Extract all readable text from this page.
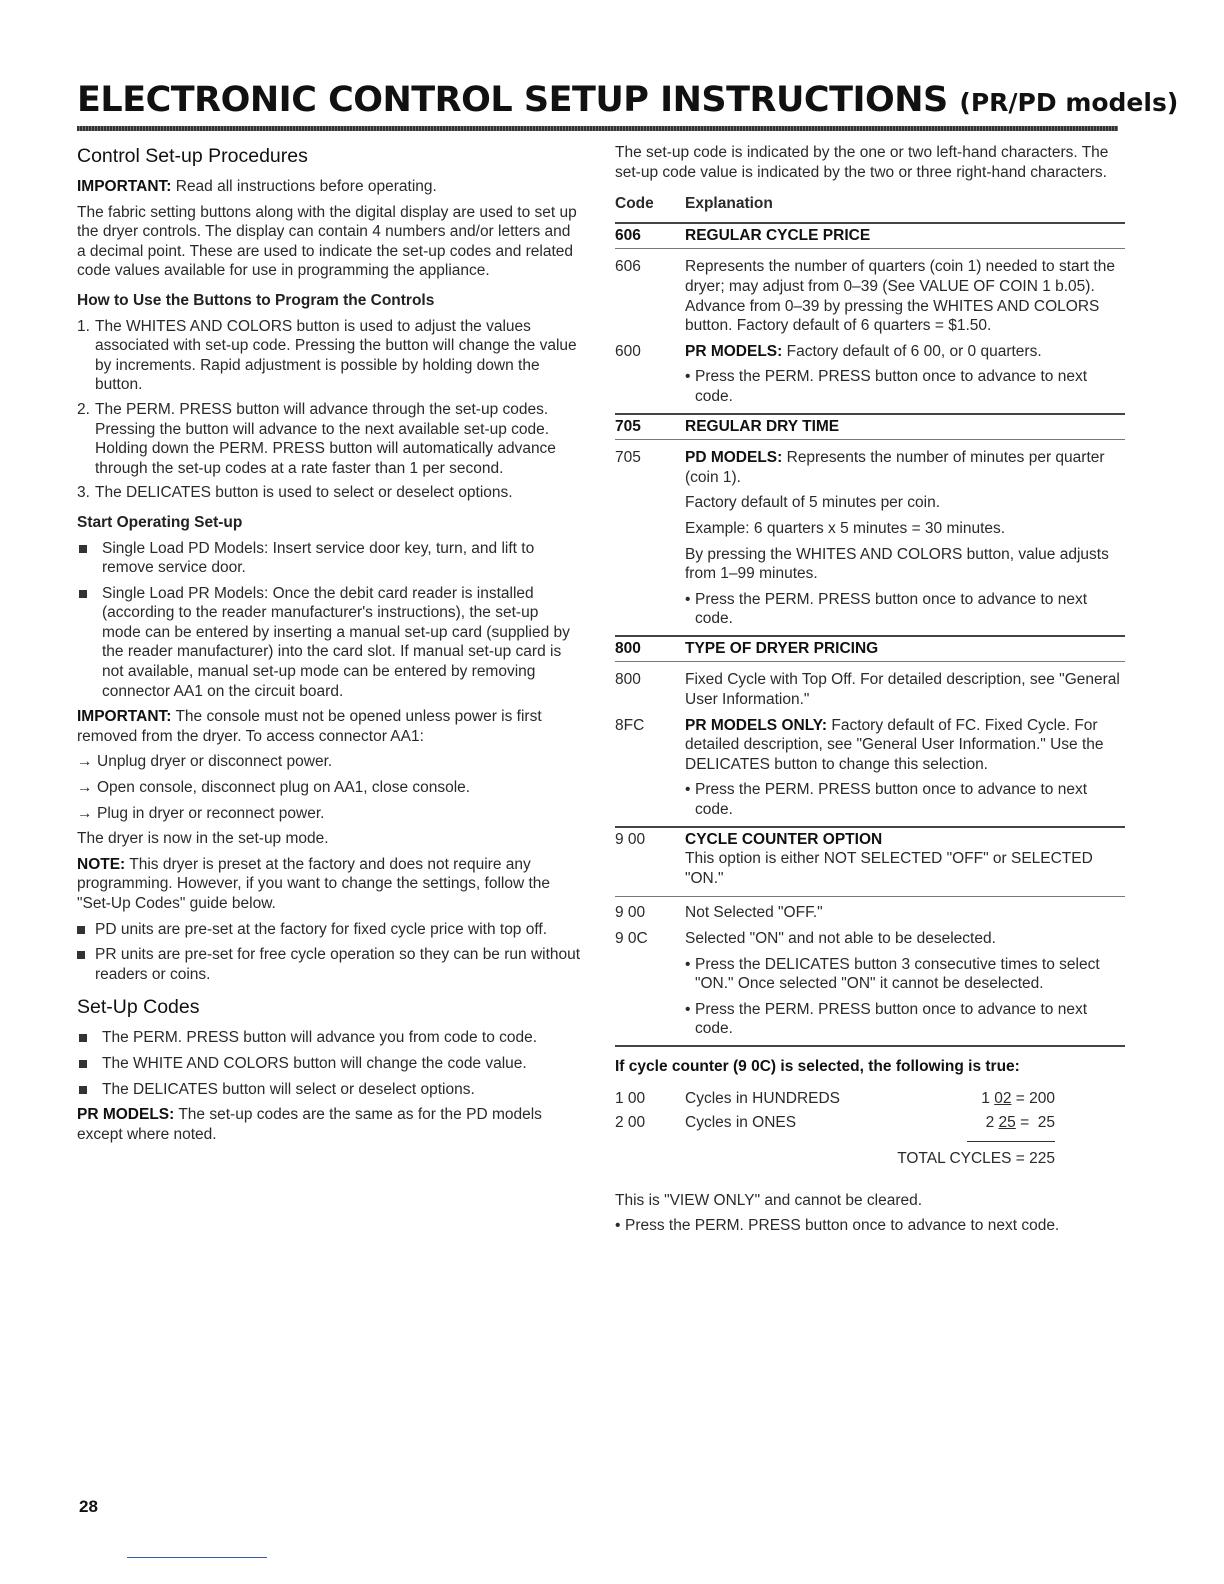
ELECTRONIC CONTROL SETUP INSTRUCTIONS (PR/PD models)
Control Set-up Procedures

IMPORTANT: Read all instructions before operating.

The fabric setting buttons along with the digital display are used to set up the dryer controls. The display can contain 4 numbers and/or letters and a decimal point. These are used to indicate the set-up codes and related code values available for use in programming the appliance.

How to Use the Buttons to Program the Controls
1. The WHITES AND COLORS button is used to adjust the values associated with set-up code. Pressing the button will change the value by increments. Rapid adjustment is possible by holding down the button.
2. The PERM. PRESS button will advance through the set-up codes. Pressing the button will advance to the next available set-up code. Holding down the PERM. PRESS button will automatically advance through the set-up codes at a rate faster than 1 per second.
3. The DELICATES button is used to select or deselect options.
Start Operating Set-up
Single Load PD Models: Insert service door key, turn, and lift to remove service door.
Single Load PR Models: Once the debit card reader is installed (according to the reader manufacturer's instructions), the set-up mode can be entered by inserting a manual set-up card (supplied by the reader manufacturer) into the card slot. If manual set-up card is not available, manual set-up mode can be entered by removing connector AA1 on the circuit board.

IMPORTANT: The console must not be opened unless power is first removed from the dryer. To access connector AA1:

→ Unplug dryer or disconnect power.
→ Open console, disconnect plug on AA1, close console.
→ Plug in dryer or reconnect power.

The dryer is now in the set-up mode.

NOTE: This dryer is preset at the factory and does not require any programming. However, if you want to change the settings, follow the "Set-Up Codes" guide below.

PD units are pre-set at the factory for fixed cycle price with top off.
PR units are pre-set for free cycle operation so they can be run without readers or coins.
Set-Up Codes
The PERM. PRESS button will advance you from code to code.
The WHITE AND COLORS button will change the code value.
The DELICATES button will select or deselect options.

PR MODELS: The set-up codes are the same as for the PD models except where noted.

The set-up code is indicated by the one or two left-hand characters. The set-up code value is indicated by the two or three right-hand characters.

Code	Explanation
606	REGULAR CYCLE PRICE
606	Represents the number of quarters (coin 1) needed to start the dryer; may adjust from 0–39 (See VALUE OF COIN 1 b.05). Advance from 0–39 by pressing the WHITES AND COLORS button. Factory default of 6 quarters = $1.50.
600	PR MODELS: Factory default of 6 00, or 0 quarters.

• Press the PERM. PRESS button once to advance to next code.
705	REGULAR DRY TIME
705	PD MODELS: Represents the number of minutes per quarter (coin 1).

Factory default of 5 minutes per coin.

Example: 6 quarters x 5 minutes = 30 minutes.

By pressing the WHITES AND COLORS button, value adjusts from 1–99 minutes.

• Press the PERM. PRESS button once to advance to next code.
800	TYPE OF DRYER PRICING
800	Fixed Cycle with Top Off. For detailed description, see "General User Information."
8FC	PR MODELS ONLY: Factory default of FC. Fixed Cycle. For detailed description, see "General User Information." Use the DELICATES button to change this selection.

• Press the PERM. PRESS button once to advance to next code.
9 00	CYCLE COUNTER OPTION
This option is either NOT SELECTED "OFF" or SELECTED "ON."
9 00	Not Selected "OFF."
9 0C	Selected "ON" and not able to be deselected.

• Press the DELICATES button 3 consecutive times to select "ON." Once selected "ON" it cannot be deselected.
• Press the PERM. PRESS button once to advance to next code.
If cycle counter (9 0C) is selected, the following is true:
1 00	Cycles in HUNDREDS	1 02 = 200
2 00	Cycles in ONES	2 25 =  25
TOTAL CYCLES = 225

This is "VIEW ONLY" and cannot be cleared.

• Press the PERM. PRESS button once to advance to next code.
28
